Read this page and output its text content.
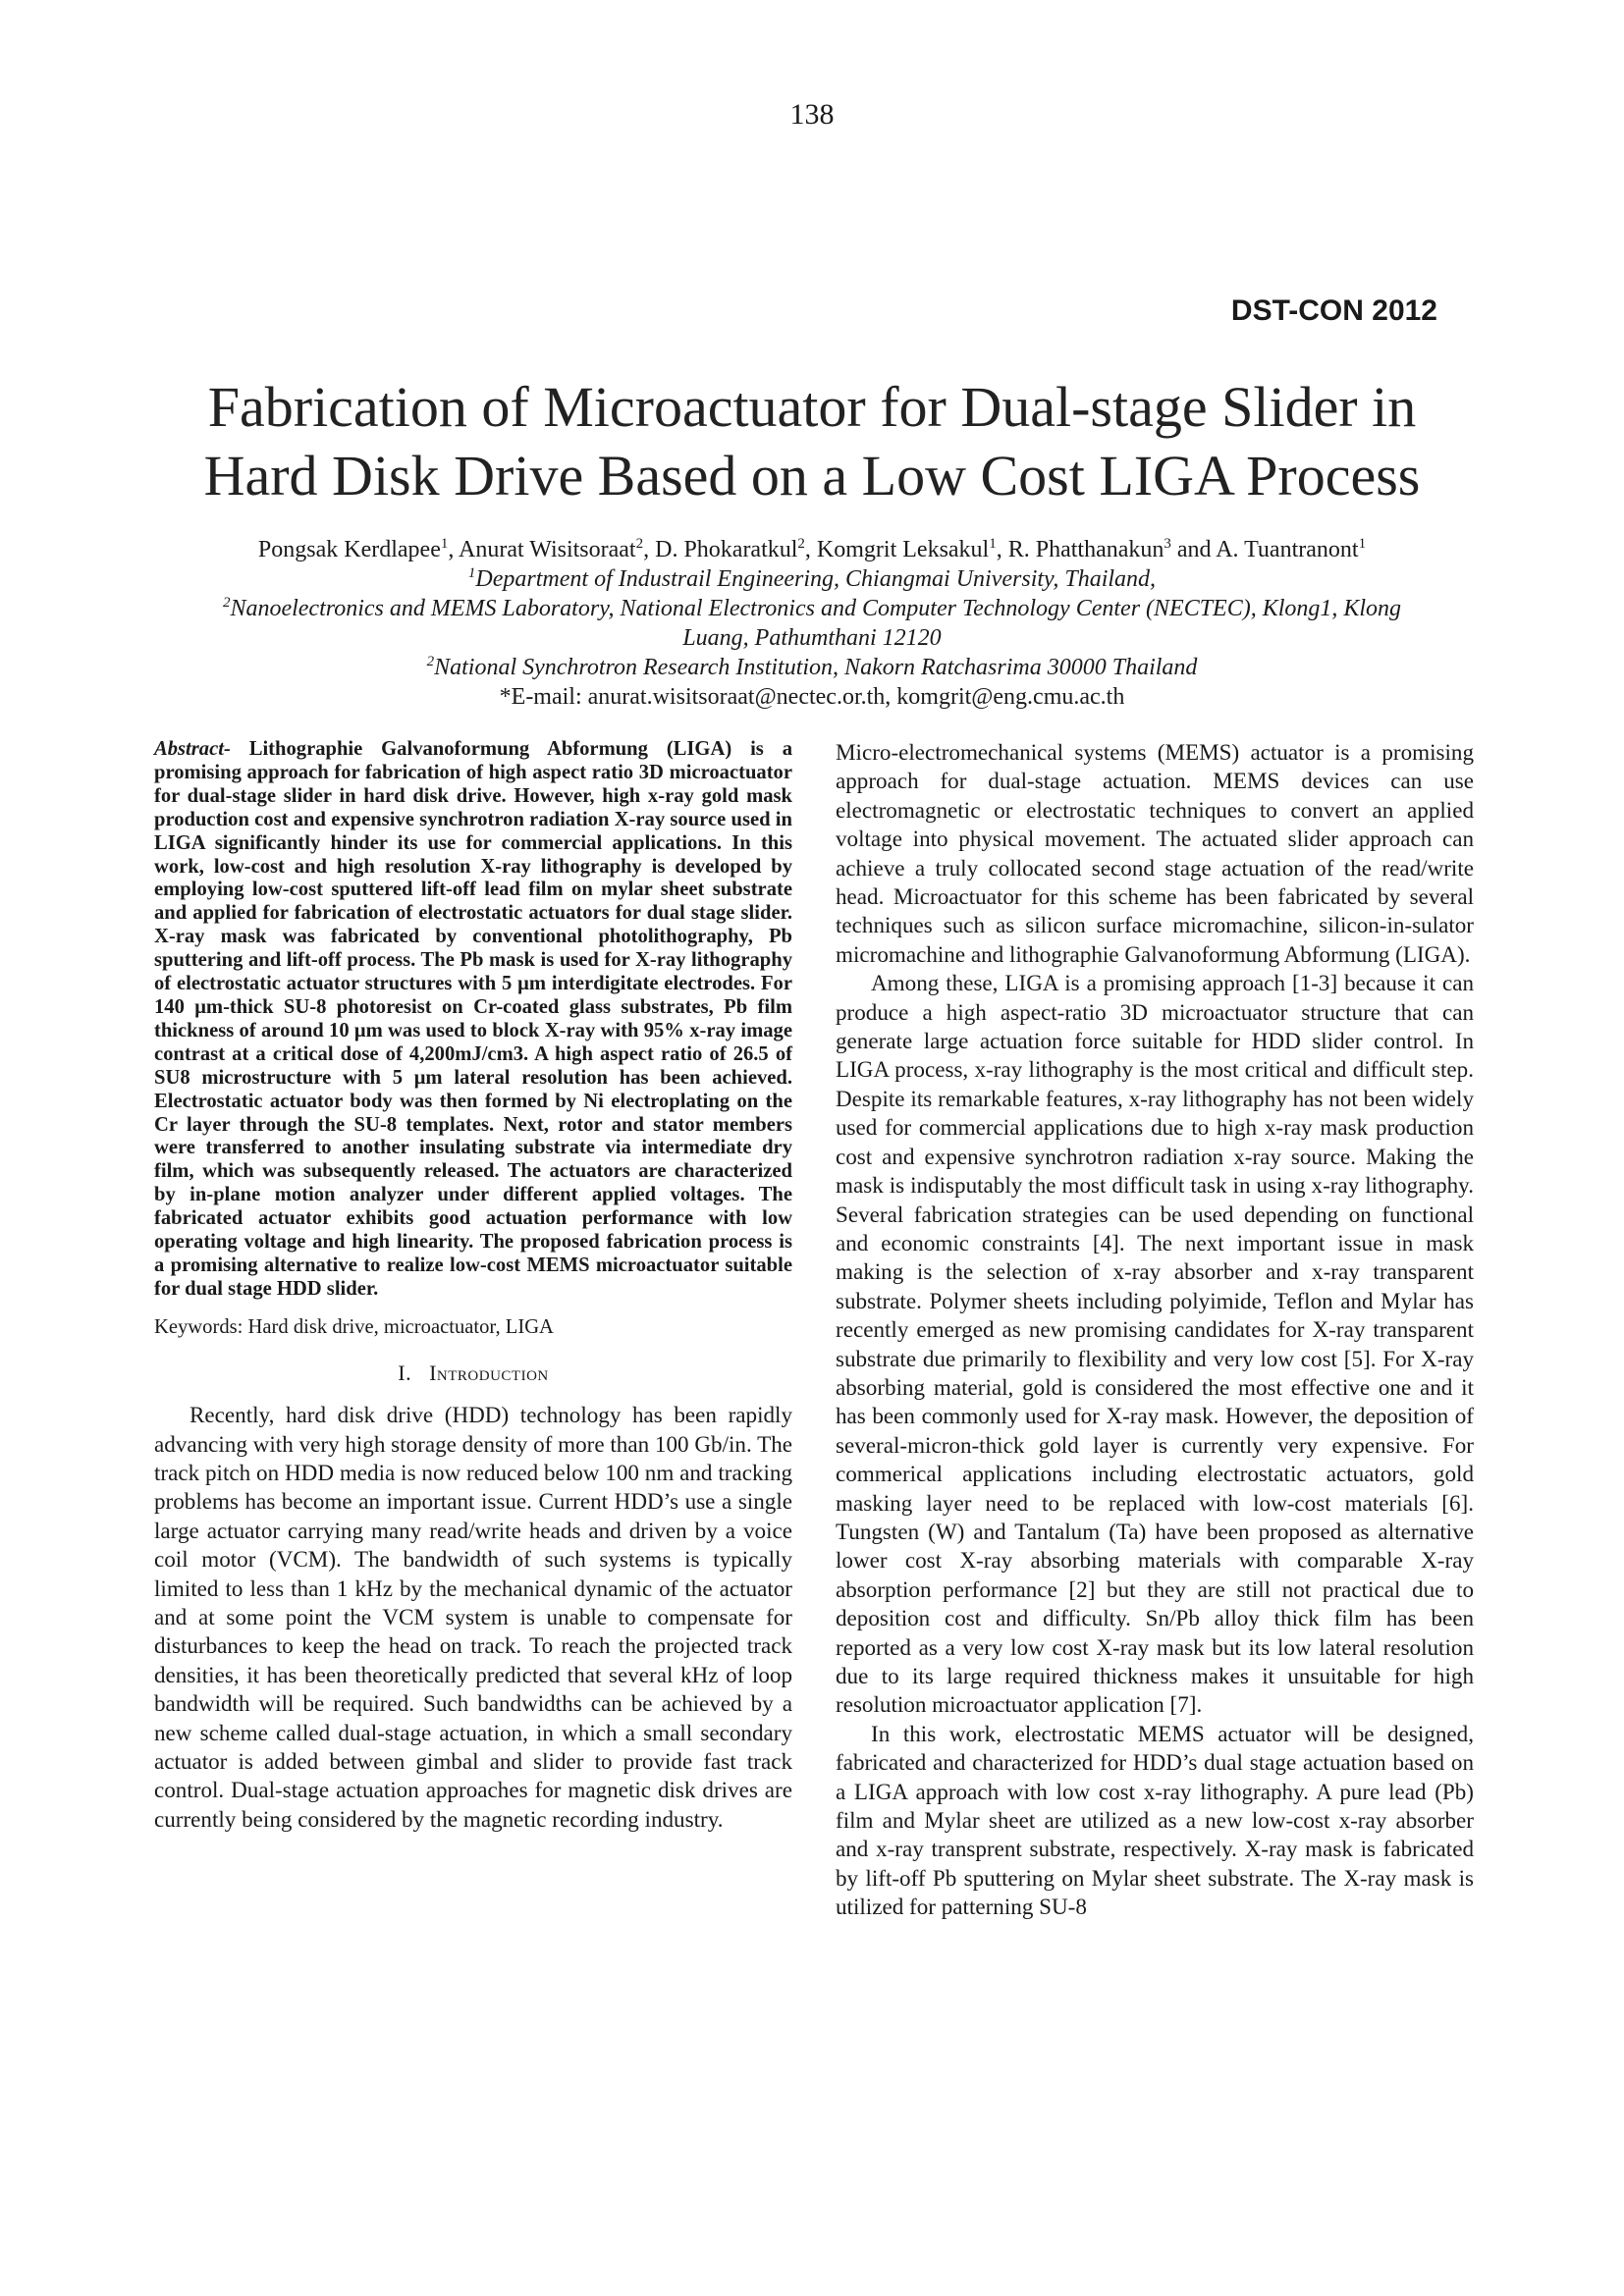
138
DST-CON 2012
Fabrication of Microactuator for Dual-stage Slider in
Hard Disk Drive Based on a Low Cost LIGA Process
Pongsak Kerdlapee$^1$, Anurat Wisitsoraat$^2$, D. Phokaratkul$^2$, Komgrit Leksakul$^1$, R. Phatthanakun$^3$ and A. Tuantranont$^1$
$^1$Department of Industrail Engineering, Chiangmai University, Thailand,
$^2$Nanoelectronics and MEMS Laboratory, National Electronics and Computer Technology Center (NECTEC), Klong1, Klong
Luang, Pathumthani 12120
$^2$National Synchrotron Research Institution, Nakorn Ratchasrima 30000 Thailand
*E-mail: anurat.wisitsoraat@nectec.or.th, komgrit@eng.cmu.ac.th

Abstract- Lithographie Galvanoformung Abformung (LIGA) is a promising approach for fabrication of high aspect ratio 3D microactuator for dual-stage slider in hard disk drive. However, high x-ray gold mask production cost and expensive synchrotron radiation X-ray source used in LIGA significantly hinder its use for commercial applications. In this work, low-cost and high resolution X-ray lithography is developed by employing low-cost sputtered lift-off lead film on mylar sheet substrate and applied for fabrication of electrostatic actuators for dual stage slider. X-ray mask was fabricated by conventional photolithography, Pb sputtering and lift-off process. The Pb mask is used for X-ray lithography of electrostatic actuator structures with 5 μm interdigitate electrodes. For 140 μm-thick SU-8 photoresist on Cr-coated glass substrates, Pb film thickness of around 10 μm was used to block X-ray with 95% x-ray image contrast at a critical dose of 4,200mJ/cm3. A high aspect ratio of 26.5 of SU8 microstructure with 5 μm lateral resolution has been achieved. Electrostatic actuator body was then formed by Ni electroplating on the Cr layer through the SU-8 templates. Next, rotor and stator members were transferred to another insulating substrate via intermediate dry film, which was subsequently released. The actuators are characterized by in-plane motion analyzer under different applied voltages. The fabricated actuator exhibits good actuation performance with low operating voltage and high linearity. The proposed fabrication process is a promising alternative to realize low-cost MEMS microactuator suitable for dual stage HDD slider.

Keywords: Hard disk drive, microactuator, LIGA

I. Introduction

Recently, hard disk drive (HDD) technology has been rapidly advancing with very high storage density of more than 100 Gb/in. The track pitch on HDD media is now reduced below 100 nm and tracking problems has become an important issue. Current HDD’s use a single large actuator carrying many read/write heads and driven by a voice coil motor (VCM). The bandwidth of such systems is typically limited to less than 1 kHz by the mechanical dynamic of the actuator and at some point the VCM system is unable to compensate for disturbances to keep the head on track. To reach the projected track densities, it has been theoretically predicted that several kHz of loop bandwidth will be required. Such bandwidths can be achieved by a new scheme called dual-stage actuation, in which a small secondary actuator is added between gimbal and slider to provide fast track control. Dual-stage actuation approaches for magnetic disk drives are currently being considered by the magnetic recording industry.

Micro-electromechanical systems (MEMS) actuator is a promising approach for dual-stage actuation. MEMS devices can use electromagnetic or electrostatic techniques to convert an applied voltage into physical movement. The actuated slider approach can achieve a truly collocated second stage actuation of the read/write head. Microactuator for this scheme has been fabricated by several techniques such as silicon surface micromachine, silicon-in-sulator micromachine and lithographie Galvanoformung Abformung (LIGA).

Among these, LIGA is a promising approach [1-3] because it can produce a high aspect-ratio 3D microactuator structure that can generate large actuation force suitable for HDD slider control. In LIGA process, x-ray lithography is the most critical and difficult step. Despite its remarkable features, x-ray lithography has not been widely used for commercial applications due to high x-ray mask production cost and expensive synchrotron radiation x-ray source. Making the mask is indisputably the most difficult task in using x-ray lithography. Several fabrication strategies can be used depending on functional and economic constraints [4]. The next important issue in mask making is the selection of x-ray absorber and x-ray transparent substrate. Polymer sheets including polyimide, Teflon and Mylar has recently emerged as new promising candidates for X-ray transparent substrate due primarily to flexibility and very low cost [5]. For X-ray absorbing material, gold is considered the most effective one and it has been commonly used for X-ray mask. However, the deposition of several-micron-thick gold layer is currently very expensive. For commerical applications including electrostatic actuators, gold masking layer need to be replaced with low-cost materials [6]. Tungsten (W) and Tantalum (Ta) have been proposed as alternative lower cost X-ray absorbing materials with comparable X-ray absorption performance [2] but they are still not practical due to deposition cost and difficulty. Sn/Pb alloy thick film has been reported as a very low cost X-ray mask but its low lateral resolution due to its large required thickness makes it unsuitable for high resolution microactuator application [7].

In this work, electrostatic MEMS actuator will be designed, fabricated and characterized for HDD’s dual stage actuation based on a LIGA approach with low cost x-ray lithography. A pure lead (Pb) film and Mylar sheet are utilized as a new low-cost x-ray absorber and x-ray transprent substrate, respectively. X-ray mask is fabricated by lift-off Pb sputtering on Mylar sheet substrate. The X-ray mask is utilized for patterning SU-8
